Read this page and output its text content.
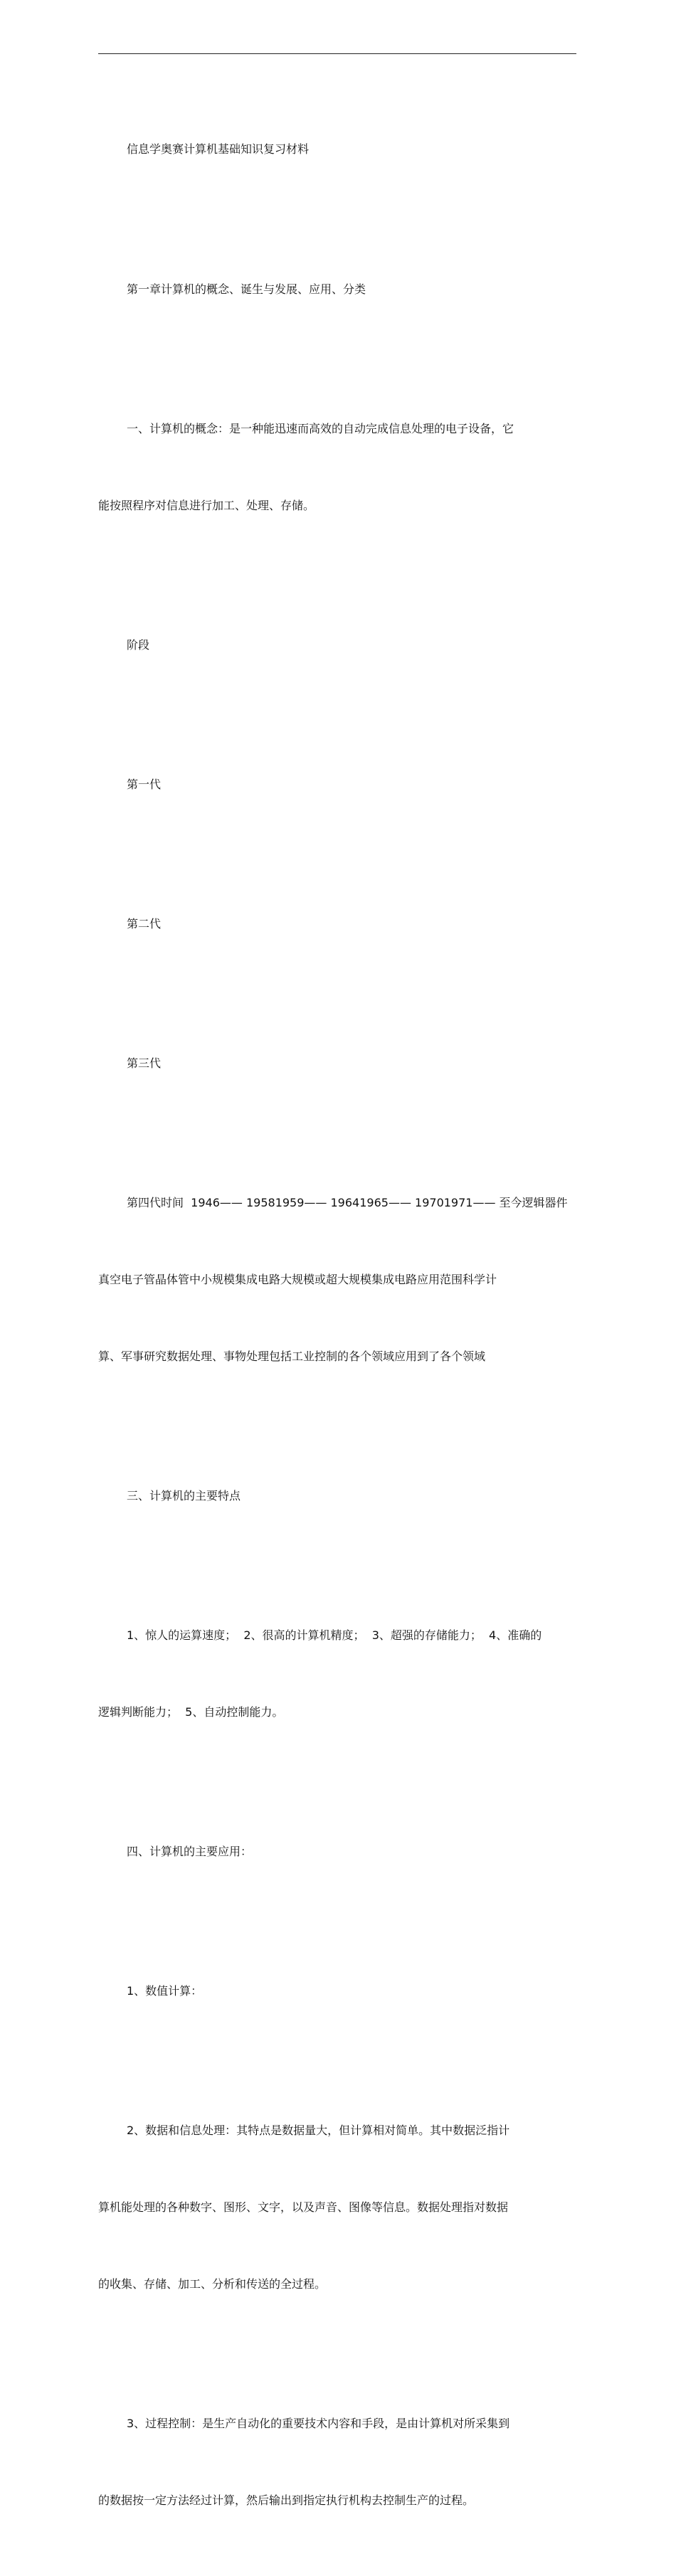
信息学奥赛计算机基础知识复习材料

第一章计算机的概念、诞生与发展、应用、分类

一、计算机的概念：是一种能迅速而高效的自动完成信息处理的电子设备，它

能按照程序对信息进行加工、处理、存储。

阶段

第一代

第二代

第三代

第四代时间  1946—— 19581959—— 19641965—— 19701971—— 至今逻辑器件

真空电子管晶体管中小规模集成电路大规模或超大规模集成电路应用范围科学计

算、军事研究数据处理、事物处理包括工业控制的各个领域应用到了各个领域

三、计算机的主要特点

1、惊人的运算速度；  2、很高的计算机精度；  3、超强的存储能力；  4、准确的

逻辑判断能力；  5、自动控制能力。

四、计算机的主要应用：

1、数值计算：

2、数据和信息处理：其特点是数据量大，但计算相对简单。其中数据泛指计

算机能处理的各种数字、图形、文字，以及声音、图像等信息。数据处理指对数据

的收集、存储、加工、分析和传送的全过程。

3、过程控制：是生产自动化的重要技术内容和手段，是由计算机对所采集到

的数据按一定方法经过计算，然后输出到指定执行机构去控制生产的过程。
